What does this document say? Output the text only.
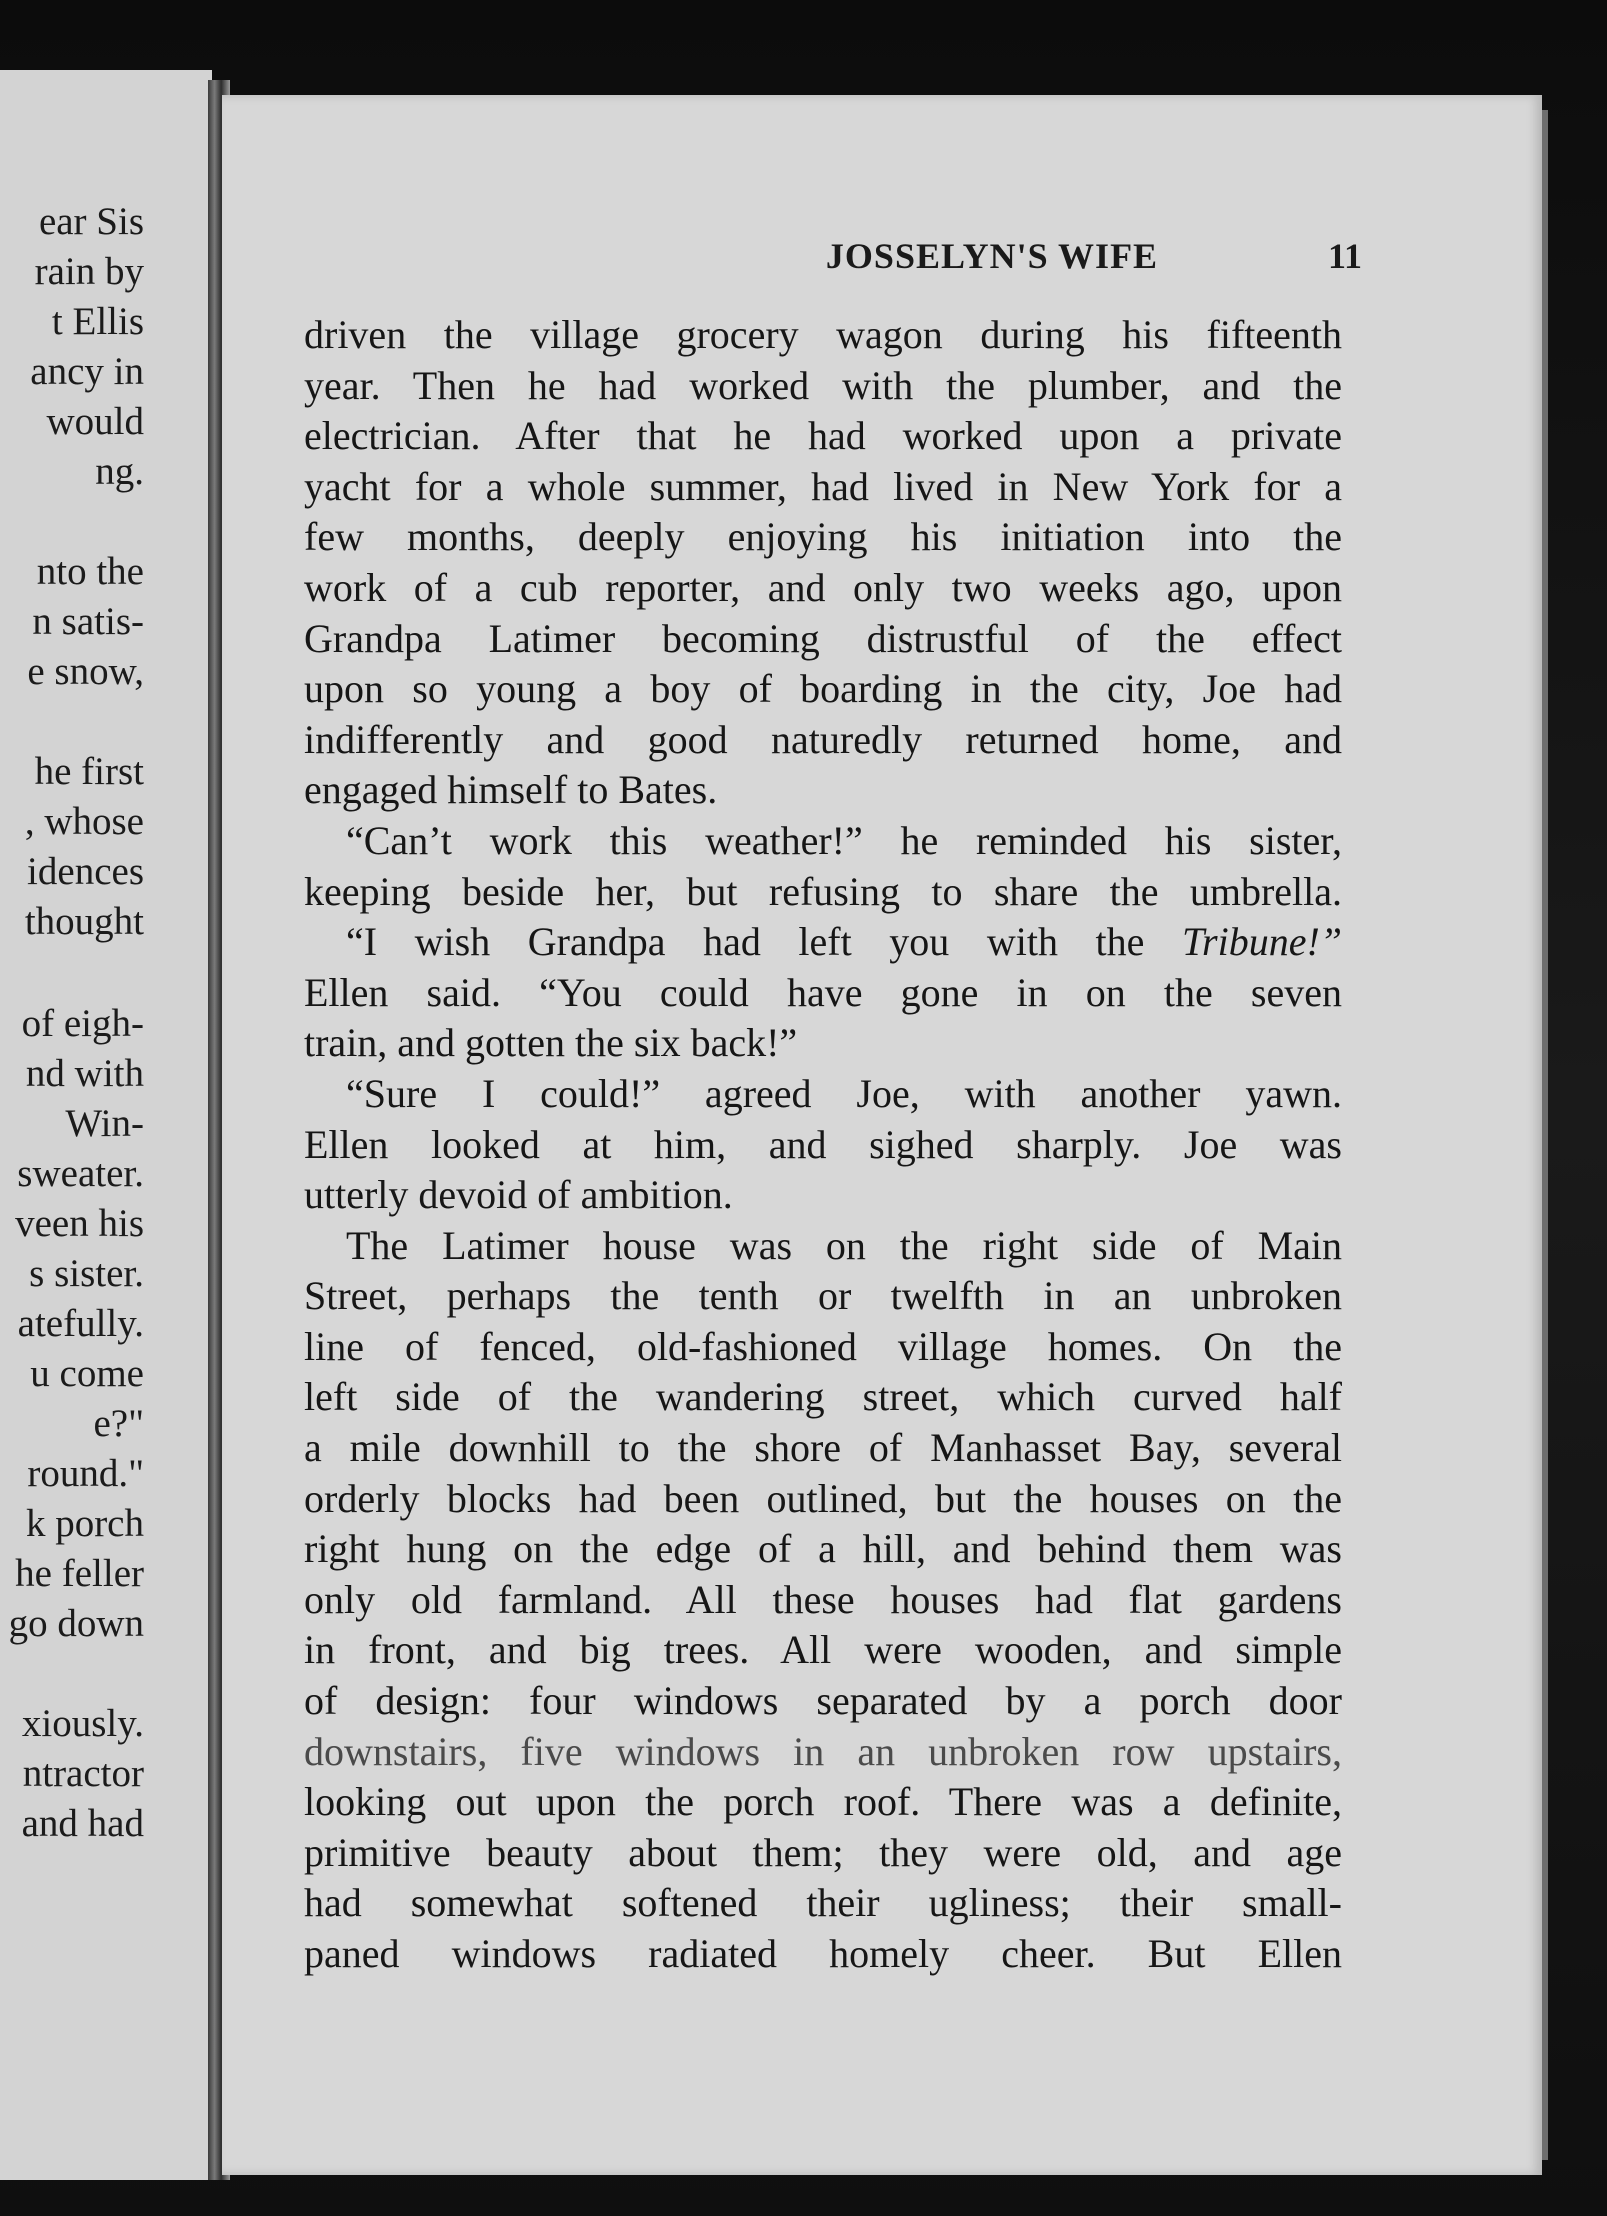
ear Sis
rain by
t Ellis
ancy in
would
ng.
nto the
n satis-
e snow,
he first
, whose
idences
thought
of eigh-
nd with
Win-
sweater.
veen his
s sister.
atefully.
u come
e?"
round."
k porch
he feller
go down
xiously.
ntractor
and had
JOSSELYN'S WIFE	11
driven the village grocery wagon during his fifteenth
year. Then he had worked with the plumber, and the
electrician. After that he had worked upon a private
yacht for a whole summer, had lived in New York for a
few months, deeply enjoying his initiation into the
work of a cub reporter, and only two weeks ago, upon
Grandpa Latimer becoming distrustful of the effect
upon so young a boy of boarding in the city, Joe had
indifferently and good naturedly returned home, and
engaged himself to Bates.
“Can’t work this weather!” he reminded his sister,
keeping beside her, but refusing to share the umbrella.
“I wish Grandpa had left you with the Tribune!”
Ellen said. “You could have gone in on the seven
train, and gotten the six back!”
“Sure I could!” agreed Joe, with another yawn.
Ellen looked at him, and sighed sharply. Joe was
utterly devoid of ambition.
The Latimer house was on the right side of Main
Street, perhaps the tenth or twelfth in an unbroken
line of fenced, old-fashioned village homes. On the
left side of the wandering street, which curved half
a mile downhill to the shore of Manhasset Bay, several
orderly blocks had been outlined, but the houses on the
right hung on the edge of a hill, and behind them was
only old farmland. All these houses had flat gardens
in front, and big trees. All were wooden, and simple
of design: four windows separated by a porch door
downstairs, five windows in an unbroken row upstairs,
looking out upon the porch roof. There was a definite,
primitive beauty about them; they were old, and age
had somewhat softened their ugliness; their small-
paned windows radiated homely cheer. But Ellen
